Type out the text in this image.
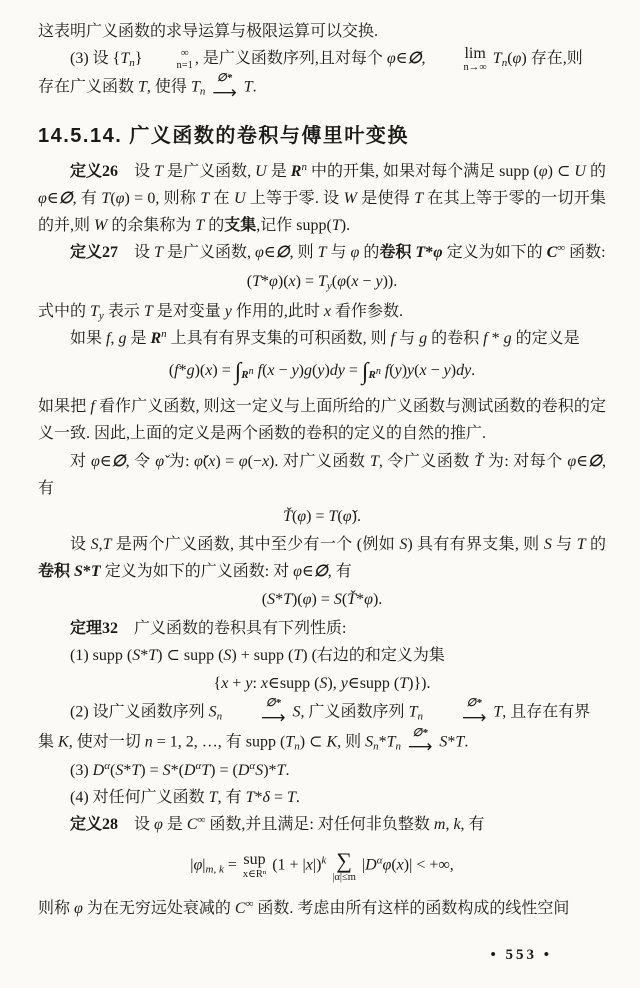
这表明广义函数的求导运算与极限运算可以交换.

(3) 设 $\{T_n\}$	∞
n=1 , 是广义函数序列,且对每个 φ∈∅,	lim
n→∞
$T_n(\varphi)$ 存在,则

存在广义函数 T, 使得 $T_n$
∅*
⟶ T.

14.5.14. 广义函数的卷积与傅里叶变换

定义26　设 T 是广义函数, U 是 $R^n$ 中的开集, 如果对每个满足 supp (φ) ⊂ U 的 φ∈∅, 有 T(φ) = 0, 则称 T 在 U 上等于零. 设 W 是使得 T 在其上等于零的一切开集的并,则 W 的余集称为 T 的支集,记作 supp(T).

定义27　设 T 是广义函数, φ∈∅, 则 T 与 φ 的卷积 T*φ 定义为如下的 C∞ 函数:

$(T*\varphi)(x) = T_y(\varphi(x - y))$.

式中的 $T_y$ 表示 T 是对变量 y 作用的,此时 x 看作参数.

如果 f, g 是 $R^n$ 上具有有界支集的可积函数, 则 f 与 g 的卷积 f * g 的定义是

$(f*g)(x) = \int_Rn$ $f(x - y)g(y)dy = \int_Rn$ f(y)y(x − y)dy.

如果把 f 看作广义函数, 则这一定义与上面所给的广义函数与测试函数的卷积的定义一致. 因此,上面的定义是两个函数的卷积的定义的自然的推广.

对 φ∈∅, 令 φ̌ 为: φ̌(x) = φ(−x). 对广义函数 T, 令广义函数 Ť 为: 对每个 φ∈∅, 有

Ť(φ) = T(φ̌).

设 S,T 是两个广义函数, 其中至少有一个 (例如 S) 具有有界支集, 则 S 与 T 的卷积 S*T 定义为如下的广义函数: 对 φ∈∅, 有

(S*T)(φ) = S(Ť*φ).

定理32　广义函数的卷积具有下列性质:

(1) supp (S*T) ⊂ supp (S) + supp (T) (右边的和定义为集

{x + y: x∈supp (S), y∈supp (T)}).

(2) 设广义函数序列 $S_n$
∅*
⟶ S, 广义函数序列 $T_n$
∅*
⟶ T, 且存在有界

集 K, 使对一切 n = 1, 2, …, 有 supp $(T_n)$ ⊂ K, 则 $S_n*T_n$
∅*
⟶ S*T.

(3) $D^\alpha(S*T) = S*(D^\alpha T) = (D^\alpha S)*T$.

(4) 对任何广义函数 T, 有 T*δ = T.

定义28　设 φ 是 C∞ 函数,并且满足: 对任何非负整数 m, k, 有

$|\varphi|_{m, k}$ = sup
x∈Rⁿ
$(1 + |x|)^k$ ∑
|α|≤m
$|D^\alpha\varphi(x)|$ < +∞,

则称 φ 为在无穷远处衰减的 C∞ 函数. 考虑由所有这样的函数构成的线性空间

• 553 •
